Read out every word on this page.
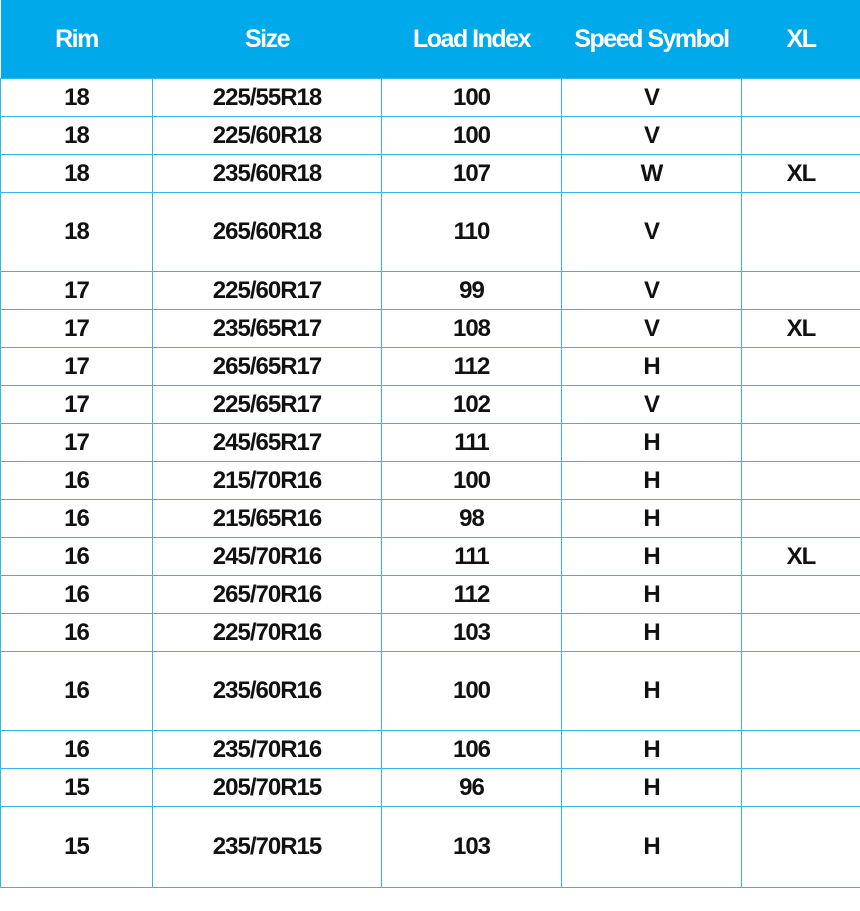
Rim	Size	Load Index	Speed Symbol	XL
18	225/55R18	100	V	
18	225/60R18	100	V	
18	235/60R18	107	W	XL
18	265/60R18	110	V	
17	225/60R17	99	V	
17	235/65R17	108	V	XL
17	265/65R17	112	H	
17	225/65R17	102	V	
17	245/65R17	111	H	
16	215/70R16	100	H	
16	215/65R16	98	H	
16	245/70R16	111	H	XL
16	265/70R16	112	H	
16	225/70R16	103	H	
16	235/60R16	100	H	
16	235/70R16	106	H	
15	205/70R15	96	H	
15	235/70R15	103	H	
